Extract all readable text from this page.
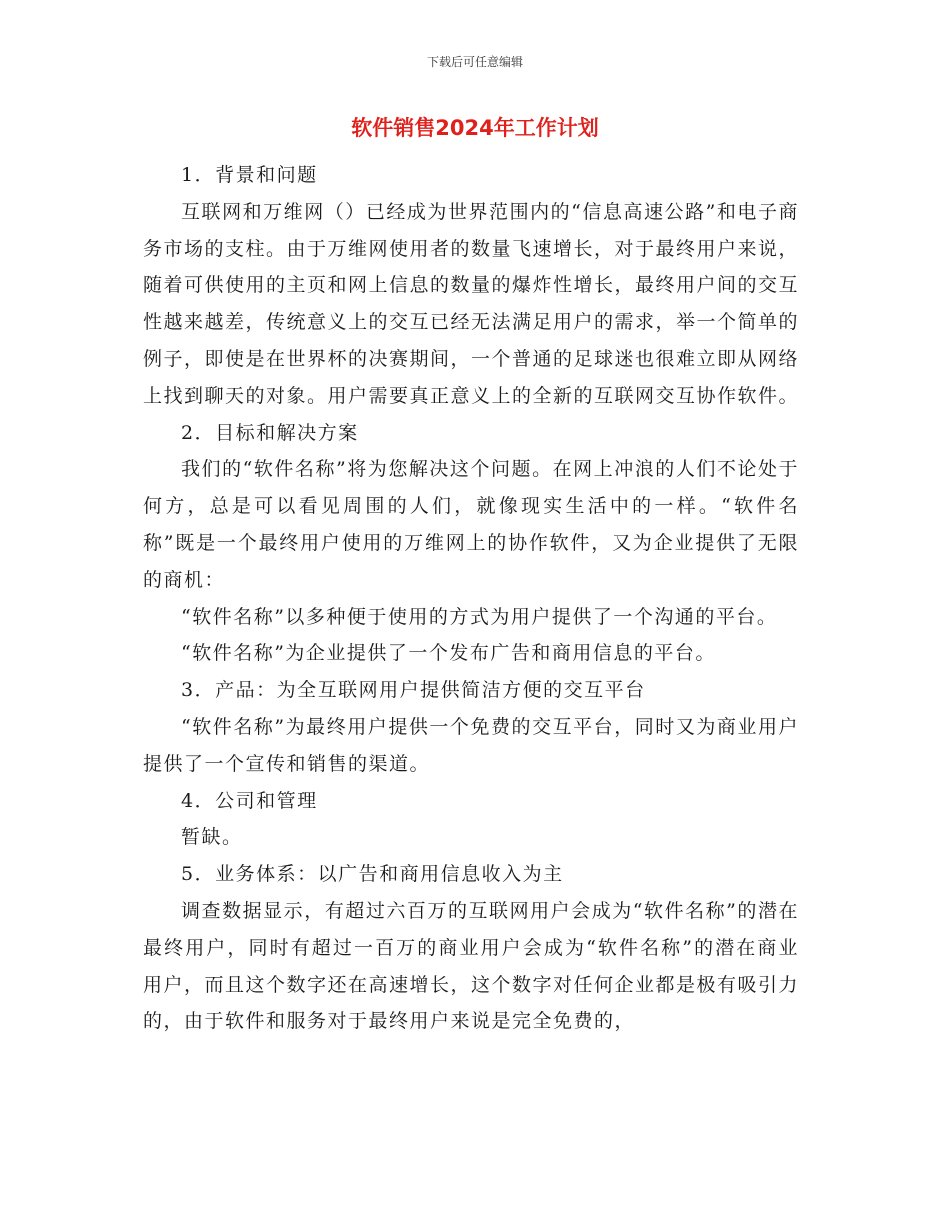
下载后可任意编辑
软件销售2024年工作计划

1．背景和问题

互联网和万维网（）已经成为世界范围内的“信息高速公路”和电子商务市场的支柱。由于万维网使用者的数量飞速增长，对于最终用户来说，随着可供使用的主页和网上信息的数量的爆炸性增长，最终用户间的交互性越来越差，传统意义上的交互已经无法满足用户的需求，举一个简单的例子，即使是在世界杯的决赛期间，一个普通的足球迷也很难立即从网络上找到聊天的对象。用户需要真正意义上的全新的互联网交互协作软件。

2．目标和解决方案

我们的“软件名称”将为您解决这个问题。在网上冲浪的人们不论处于何方，总是可以看见周围的人们，就像现实生活中的一样。“软件名称”既是一个最终用户使用的万维网上的协作软件，又为企业提供了无限的商机：

“软件名称”以多种便于使用的方式为用户提供了一个沟通的平台。

“软件名称”为企业提供了一个发布广告和商用信息的平台。

3．产品：为全互联网用户提供简洁方便的交互平台

“软件名称”为最终用户提供一个免费的交互平台，同时又为商业用户提供了一个宣传和销售的渠道。

4．公司和管理

暂缺。

5．业务体系：以广告和商用信息收入为主

调查数据显示，有超过六百万的互联网用户会成为“软件名称”的潜在最终用户，同时有超过一百万的商业用户会成为“软件名称”的潜在商业用户，而且这个数字还在高速增长，这个数字对任何企业都是极有吸引力的，由于软件和服务对于最终用户来说是完全免费的，
